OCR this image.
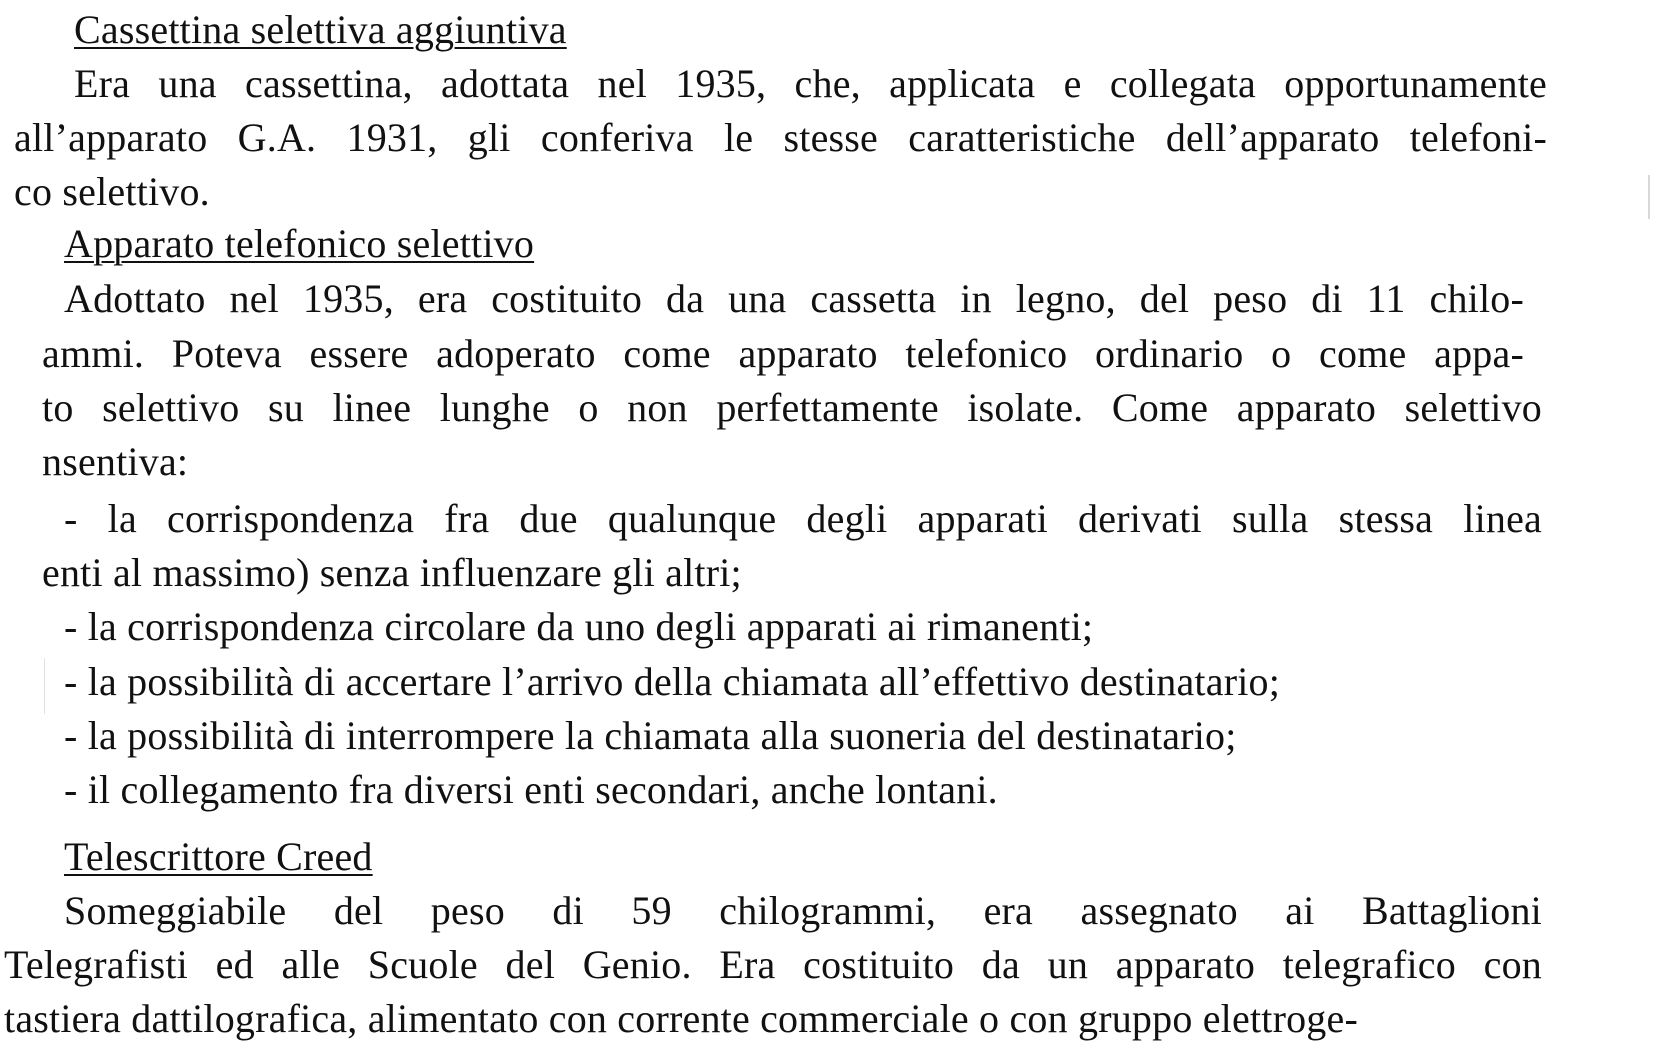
Cassettina selettiva aggiuntiva
Era una cassettina, adottata nel 1935, che, applicata e collegata opportunamente
all’apparato G.A. 1931, gli conferiva le stesse caratteristiche dell’apparato telefoni-
co selettivo.
Apparato telefonico selettivo
Adottato nel 1935, era costituito da una cassetta in legno, del peso di 11 chilo-
ammi. Poteva essere adoperato come apparato telefonico ordinario o come appa-
to selettivo su linee lunghe o non perfettamente isolate. Come apparato selettivo
nsentiva:
- la corrispondenza fra due qualunque degli apparati derivati sulla stessa linea
enti al massimo) senza influenzare gli altri;
- la corrispondenza circolare da uno degli apparati ai rimanenti;
- la possibilità di accertare l’arrivo della chiamata all’effettivo destinatario;
- la possibilità di interrompere la chiamata alla suoneria del destinatario;
- il collegamento fra diversi enti secondari, anche lontani.
Telescrittore Creed
Someggiabile del peso di 59 chilogrammi, era assegnato ai Battaglioni
Telegrafisti ed alle Scuole del Genio. Era costituito da un apparato telegrafico con
tastiera dattilografica, alimentato con corrente commerciale o con gruppo elettroge-
